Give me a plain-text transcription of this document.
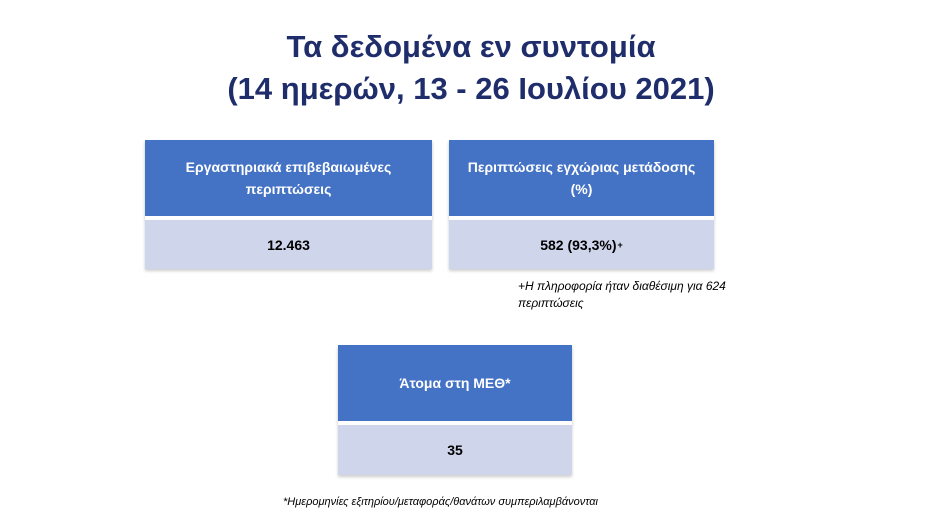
Τα δεδομένα εν συντομία
(14 ημερών, 13 - 26 Ιουλίου 2021)
Εργαστηριακά επιβεβαιωμένες περιπτώσεις
12.463
Περιπτώσεις εγχώριας μετάδοσης (%)
582 (93,3%) +
+Η πληροφορία ήταν διαθέσιμη για 624 περιπτώσεις
Άτομα στη ΜΕΘ*
35
*Ημερομηνίες εξιτηρίου/μεταφοράς/θανάτων συμπεριλαμβάνονται
